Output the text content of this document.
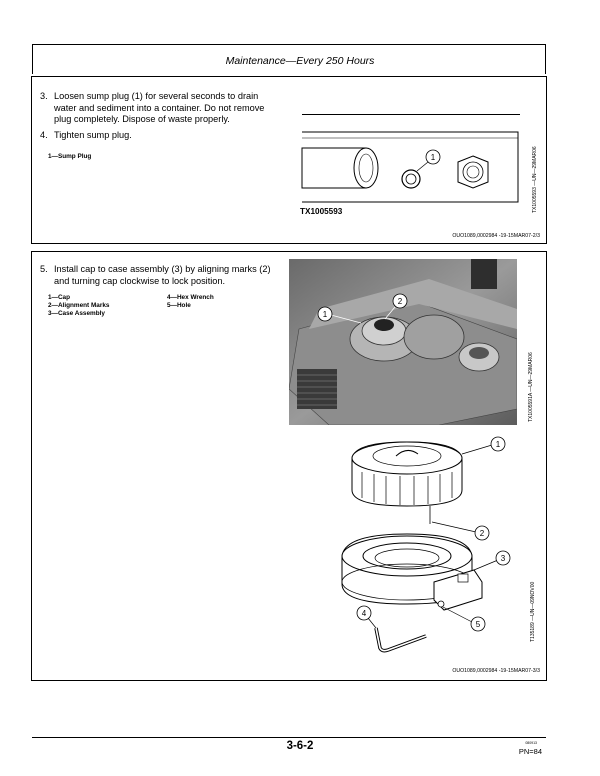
Maintenance—Every 250 Hours
3. Loosen sump plug (1) for several seconds to drain
water and sediment into a container. Do not remove
plug completely. Dispose of waste properly.
4. Tighten sump plug.
1—Sump Plug	1
TX1005593	TX1005593 —UN—29MAR06
OUO1089,0002984 -19-15MAR07-2/3
5. Install cap to case assembly (3) by aligning marks (2)
and turning cap clockwise to lock position.
1—Cap
2—Alignment Marks
3—Case Assembly
4—Hex Wrench
5—Hole
1
2
TX1005591A —UN—29MAR06
1
2
3
4
5	T135189 —UN—09NOV00
OUO1089,0002984 -19-15MAR07-3/3
3-6-2	080913
PN=84
